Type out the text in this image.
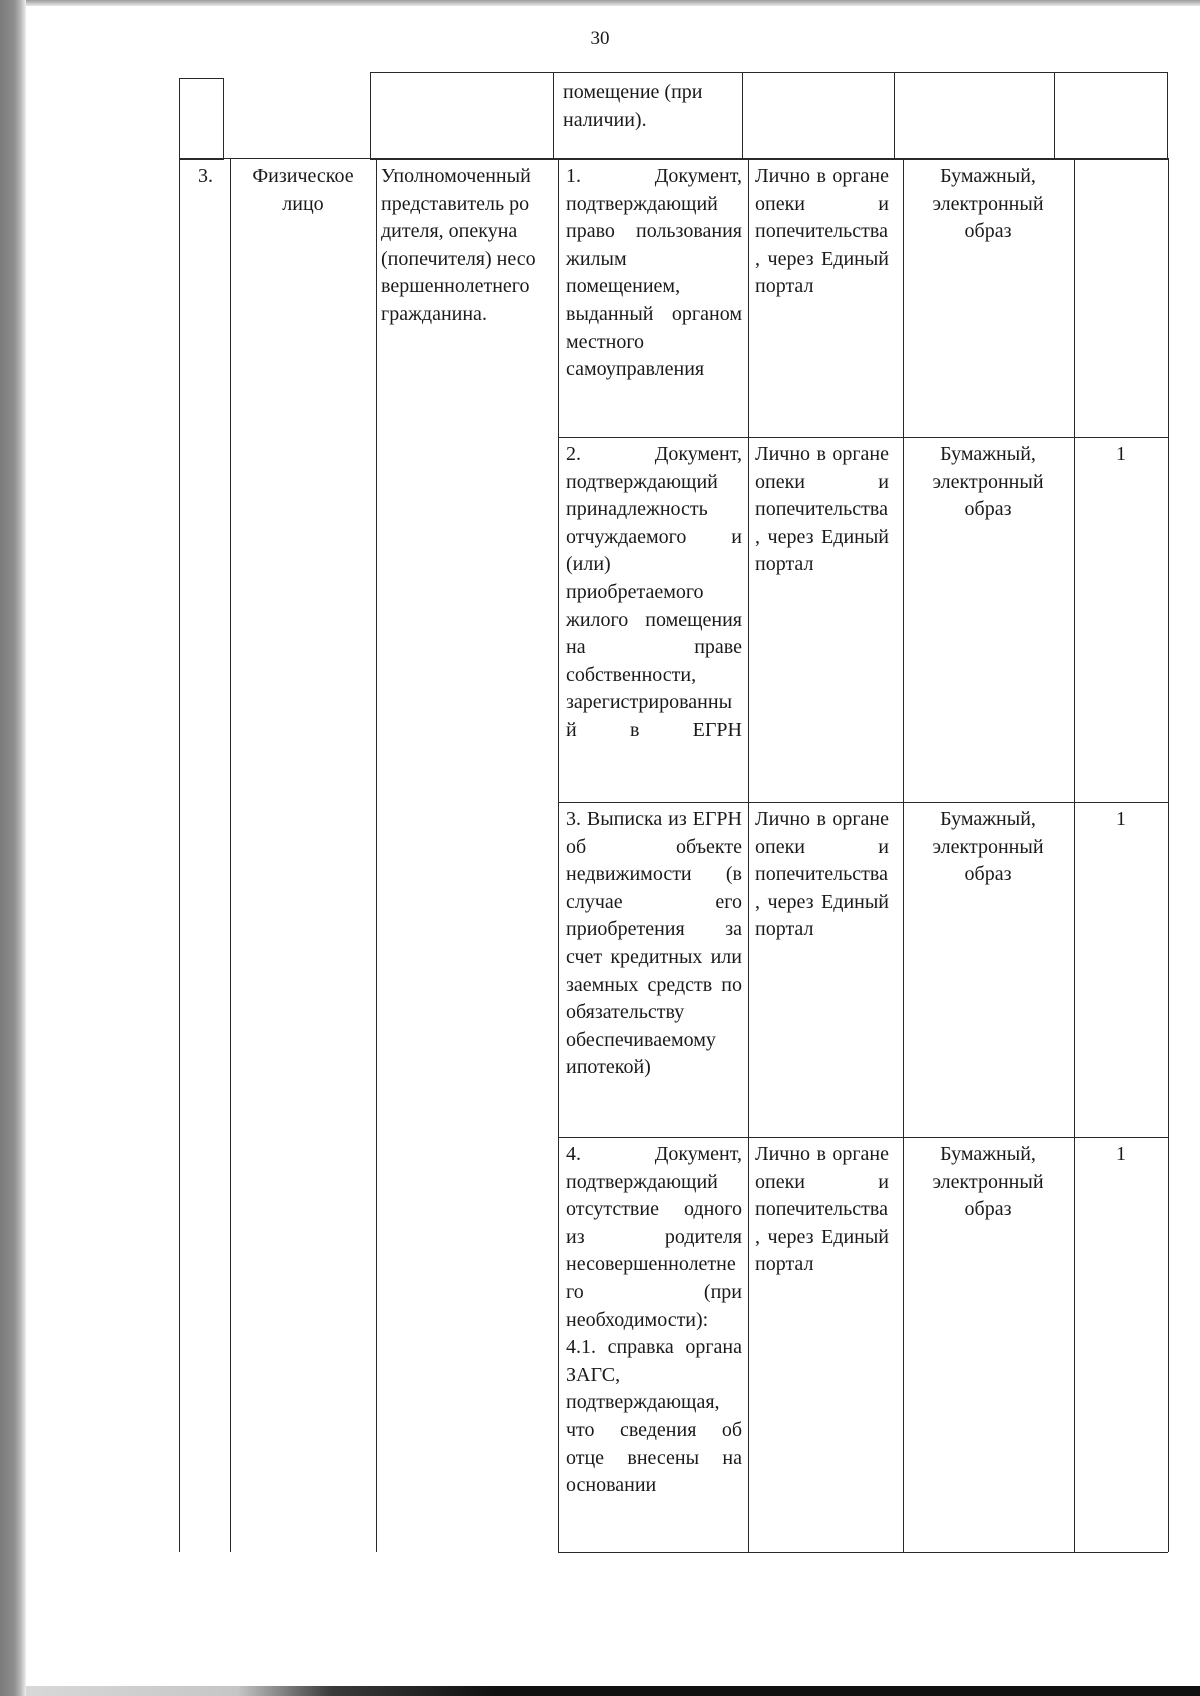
30
помещение (при наличии).
3.	Физическое лицо
Уполномоченный представитель родителя, опекуна (попечителя) несовершеннолетнего гражданина.
1. Документ, подтверждающий право пользования жилым помещением, выданный органом местного самоуправления
Лично в органе опеки и попечительства, через Единый портал
Бумажный, электронный образ
2. Документ, подтверждающий принадлежность отчуждаемого и (или) приобретаемого жилого помещения на праве собственности, зарегистрированный в ЕГРН
Лично в органе опеки и попечительства, через Единый портал
Бумажный, электронный образ
1
3. Выписка из ЕГРН об объекте недвижимости (в случае его приобретения за счет кредитных или заемных средств по обязательству обеспечиваемому ипотекой)
Лично в органе опеки и попечительства, через Единый портал
Бумажный, электронный образ
1
4. Документ, подтверждающий отсутствие одного из родителя несовершеннолетнего (при необходимости): 4.1. справка органа ЗАГС, подтверждающая, что сведения об отце внесены на основании
Лично в органе опеки и попечительства, через Единый портал
Бумажный, электронный образ
1
